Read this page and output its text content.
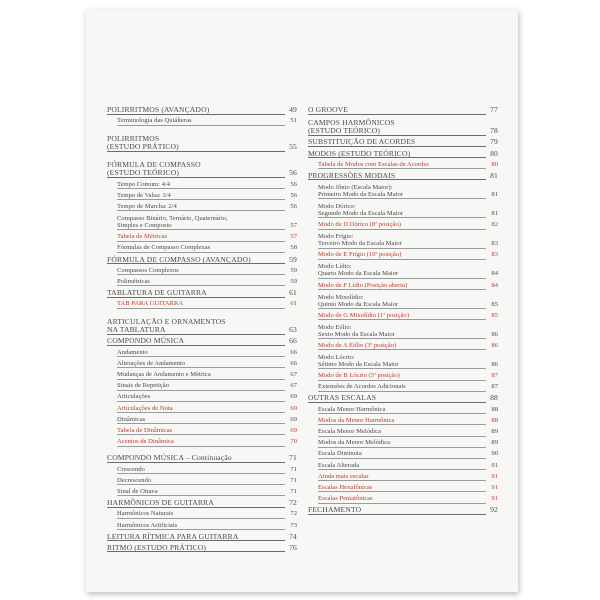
POLIRRITMOS (AVANÇADO)	49
Terminologia das Quiálteras	51
POLIRRITMOS
(ESTUDO PRÁTICO)	55
FÓRMULA DE COMPASSO
(ESTUDO TEÓRICO)	56
Tempo Comum: 4/4	56
Tempo de Valsa: 3/4	56
Tempo de Marcha: 2/4	56
Compasso Binário, Ternário, Quaternário,
Simples e Composto	57
Tabela de Métricas	57
Fórmulas de Compasso Complexas	58
FÓRMULA DE COMPASSO (AVANÇADO)	59
Compassos Complexos	59
Polimétricas	59
TABLATURA DE GUITARRA	61
TAB PARA GUITARRA	61
ARTICULAÇÃO E ORNAMENTOS
NA TABLATURA	63
COMPONDO MÚSICA	66
Andamento	66
Alterações de Andamento	66
Mudanças de Andamento e Métrica	67
Sinais de Repetição	67
Articulações	69
Articulações de Nota	69
Dinâmicas	69
Tabela de Dinâmicas	69
Acentos de Dinâmica	70
COMPONDO MÚSICA – Continuação	71
Crescendo	71
Decrescendo	71
Sinal de Oitava	71
HARMÔNICOS DE GUITARRA	72
Harmônicos Naturais	72
Harmônicos Artificiais	73
LEITURA RÍTMICA PARA GUITARRA	74
RITMO (ESTUDO PRÁTICO)	76
O GROOVE	77
CAMPOS HARMÔNICOS
(ESTUDO TEÓRICO)	78
SUBSTITUIÇÃO DE ACORDES	79
MODOS (ESTUDO TEÓRICO)	80
Tabela de Modos com Escalas de Acordes	80
PROGRESSÕES MODAIS	81
Modo Jônio (Escala Maior):
Primeiro Modo da Escala Maior	81
Modo Dórico:
Segundo Modo da Escala Maior	81
Modo de D Dórico (8ª posição)	82
Modo Frígio:
Terceiro Modo da Escala Maior	83
Modo de E Frígio (10ª posição)	83
Modo Lídio:
Quarto Modo da Escala Maior	84
Modo de F Lídio (Posição aberta)	84
Modo Mixolídio:
Quinto Modo da Escala Maior	85
Modo de G Mixolídio (1ª posição)	85
Modo Eólio:
Sexto Modo da Escala Maior	86
Modo de A Eólio (3ª posição)	86
Modo Lócrio:
Sétimo Modo da Escala Maior	86
Modo de B Lócrio (5ª posição)	87
Extensões de Acordes Adicionais	87
OUTRAS ESCALAS	88
Escala Menor Harmônica	88
Modos da Menor Harmônica	88
Escala Menor Melódica	89
Modos da Menor Melódica	89
Escala Diminuta	90
Escala Alterada	91
Ainda mais escalas	91
Escalas Hexafônicas	91
Escalas Pentatônicas	91
FECHAMENTO	92
